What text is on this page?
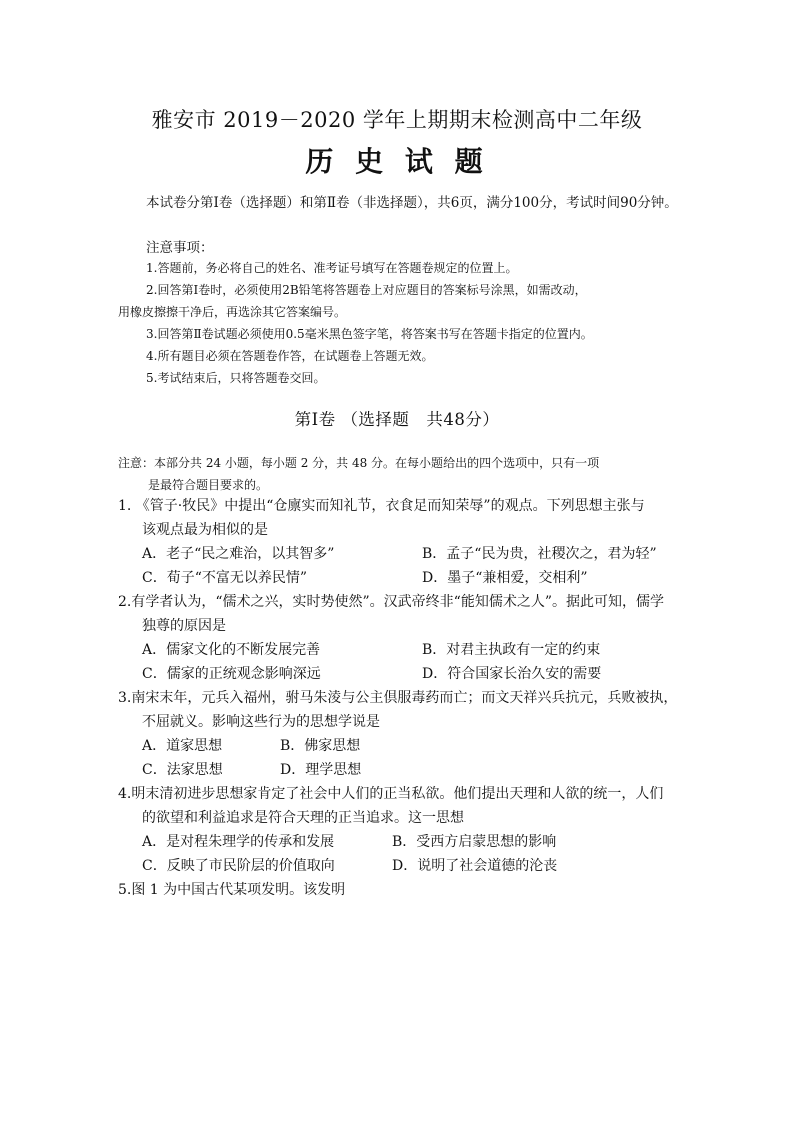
雅安市 2019－2020 学年上期期末检测高中二年级
历 史 试 题
本试卷分第Ⅰ卷（选择题）和第Ⅱ卷（非选择题），共6页，满分100分，考试时间90分钟。
注意事项：
1.答题前，务必将自己的姓名、准考证号填写在答题卷规定的位置上。
2.回答第Ⅰ卷时，必须使用2B铅笔将答题卷上对应题目的答案标号涂黑，如需改动，
用橡皮擦擦干净后，再选涂其它答案编号。
3.回答第Ⅱ卷试题必须使用0.5毫米黑色签字笔，将答案书写在答题卡指定的位置内。
4.所有题目必须在答题卷作答，在试题卷上答题无效。
5.考试结束后，只将答题卷交回。
第Ⅰ卷 （选择题　共48分）
注意：本部分共 24 小题，每小题 2 分，共 48 分。在每小题给出的四个选项中，只有一项
是最符合题目要求的。
1. 《管子·牧民》中提出“仓廪实而知礼节，衣食足而知荣辱”的观点。下列思想主张与
该观点最为相似的是
A．老子“民之难治，以其智多”	B．孟子“民为贵，社稷次之，君为轻”
C．荀子“不富无以养民情”	D．墨子“兼相爱，交相利”
2.有学者认为，“儒术之兴，实时势使然”。汉武帝终非“能知儒术之人”。据此可知，儒学
独尊的原因是
A．儒家文化的不断发展完善	B．对君主执政有一定的约束
C．儒家的正统观念影响深远	D．符合国家长治久安的需要
3.南宋末年，元兵入福州，驸马朱淩与公主倶服毒药而亡；而文天祥兴兵抗元，兵败被执，
不屈就义。影响这些行为的思想学说是
A．道家思想	B．佛家思想
C．法家思想	D．理学思想
4.明末清初进步思想家肯定了社会中人们的正当私欲。他们提出天理和人欲的统一，人们
的欲望和利益追求是符合天理的正当追求。这一思想
A．是对程朱理学的传承和发展	B．受西方启蒙思想的影响
C．反映了市民阶层的价值取向	D．说明了社会道德的沦丧
5.图 1 为中国古代某项发明。该发明
